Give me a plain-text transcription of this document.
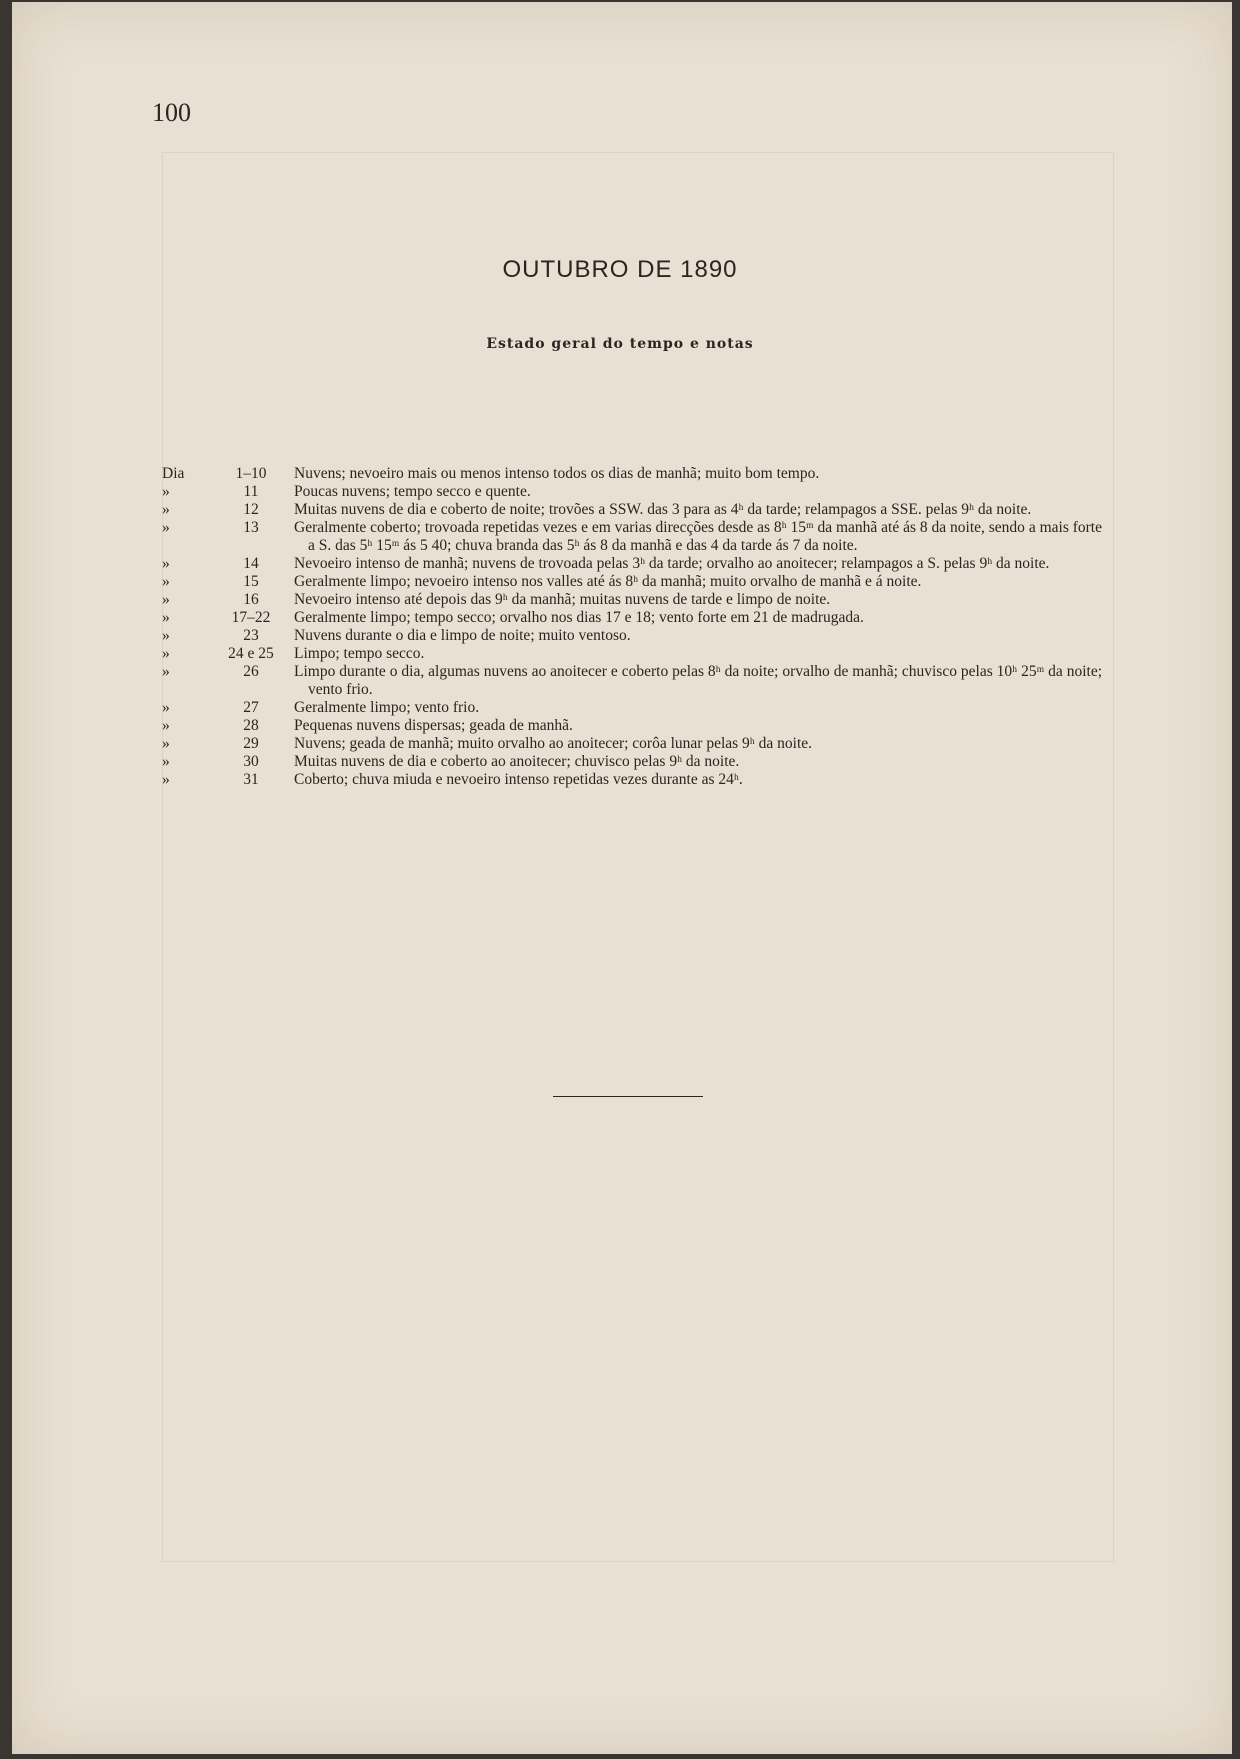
100
OUTUBRO DE 1890
Estado geral do tempo e notas
Dia	1–10	Nuvens; nevoeiro mais ou menos intenso todos os dias de manhã; muito bom tempo.
»	11	Poucas nuvens; tempo secco e quente.
»	12	Muitas nuvens de dia e coberto de noite; trovões a SSW. das 3 para as 4ʰ da tarde; relampagos a SSE. pelas 9ʰ da noite.
»	13	Geralmente coberto; trovoada repetidas vezes e em varias direcções desde as 8ʰ 15ᵐ da manhã até ás 8 da noite, sendo a mais forte a S. das 5ʰ 15ᵐ ás 5 40; chuva branda das 5ʰ ás 8 da manhã e das 4 da tarde ás 7 da noite.
»	14	Nevoeiro intenso de manhã; nuvens de trovoada pelas 3ʰ da tarde; orvalho ao anoitecer; relampagos a S. pelas 9ʰ da noite.
»	15	Geralmente limpo; nevoeiro intenso nos valles até ás 8ʰ da manhã; muito orvalho de manhã e á noite.
»	16	Nevoeiro intenso até depois das 9ʰ da manhã; muitas nuvens de tarde e limpo de noite.
»	17–22	Geralmente limpo; tempo secco; orvalho nos dias 17 e 18; vento forte em 21 de madrugada.
»	23	Nuvens durante o dia e limpo de noite; muito ventoso.
»	24 e 25	Limpo; tempo secco.
»	26	Limpo durante o dia, algumas nuvens ao anoitecer e coberto pelas 8ʰ da noite; orvalho de manhã; chuvisco pelas 10ʰ 25ᵐ da noite; vento frio.
»	27	Geralmente limpo; vento frio.
»	28	Pequenas nuvens dispersas; geada de manhã.
»	29	Nuvens; geada de manhã; muito orvalho ao anoitecer; corôa lunar pelas 9ʰ da noite.
»	30	Muitas nuvens de dia e coberto ao anoitecer; chuvisco pelas 9ʰ da noite.
»	31	Coberto; chuva miuda e nevoeiro intenso repetidas vezes durante as 24ʰ.
